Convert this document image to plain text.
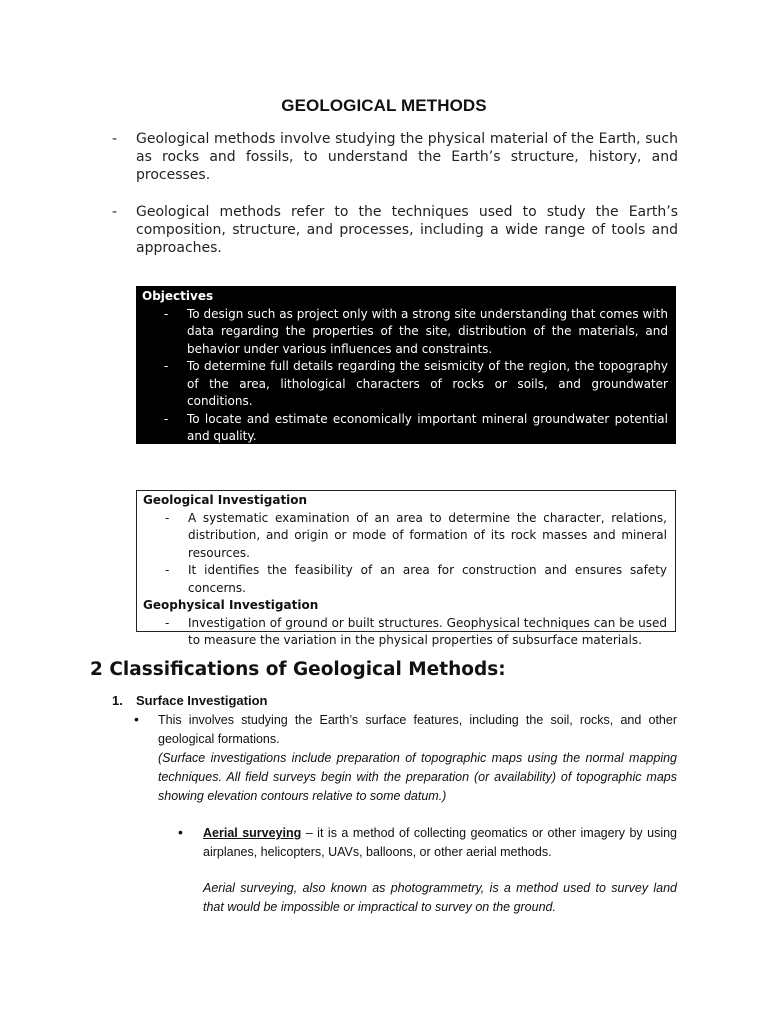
GEOLOGICAL METHODS
- Geological methods involve studying the physical material of the Earth, such as rocks and fossils, to understand the Earth’s structure, history, and processes.
- Geological methods refer to the techniques used to study the Earth’s composition, structure, and processes, including a wide range of tools and approaches.
Objectives
- To design such as project only with a strong site understanding that comes with data regarding the properties of the site, distribution of the materials, and behavior under various influences and constraints.
- To determine full details regarding the seismicity of the region, the topography of the area, lithological characters of rocks or soils, and groundwater conditions.
- To locate and estimate economically important mineral groundwater potential and quality.
- To solve problems connected with geology.
Geological Investigation
- A systematic examination of an area to determine the character, relations, distribution, and origin or mode of formation of its rock masses and mineral resources.
- It identifies the feasibility of an area for construction and ensures safety concerns.
Geophysical Investigation
- Investigation of ground or built structures. Geophysical techniques can be used to measure the variation in the physical properties of subsurface materials.
2 Classifications of Geological Methods:
1. Surface Investigation
• This involves studying the Earth’s surface features, including the soil, rocks, and other geological formations.
(Surface investigations include preparation of topographic maps using the normal mapping techniques. All field surveys begin with the preparation (or availability) of topographic maps showing elevation contours relative to some datum.)
• Aerial surveying – it is a method of collecting geomatics or other imagery by using airplanes, helicopters, UAVs, balloons, or other aerial methods.
Aerial surveying, also known as photogrammetry, is a method used to survey land that would be impossible or impractical to survey on the ground.
